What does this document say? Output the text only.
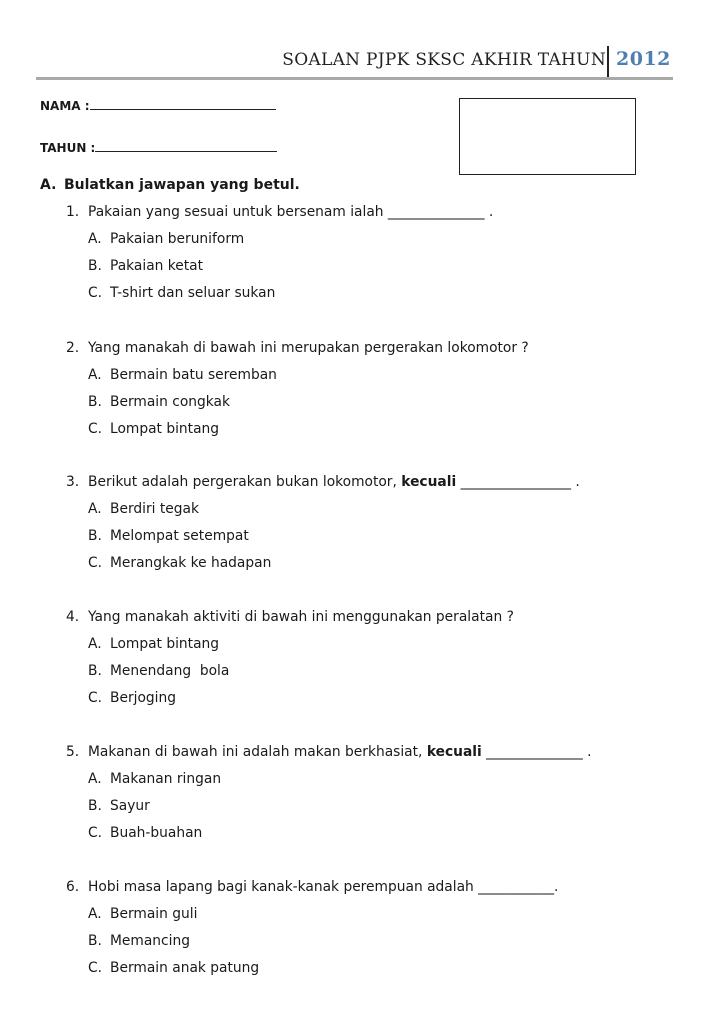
SOALAN PJPK SKSC AKHIR TAHUN 2012
NAMA :
TAHUN :
A. Bulatkan jawapan yang betul.
1. Pakaian yang sesuai untuk bersenam ialah ______________ .
A. Pakaian beruniform
B. Pakaian ketat
C. T-shirt dan seluar sukan
2. Yang manakah di bawah ini merupakan pergerakan lokomotor ?
A. Bermain batu seremban
B. Bermain congkak
C. Lompat bintang
3. Berikut adalah pergerakan bukan lokomotor, kecuali ________________ .
A. Berdiri tegak
B. Melompat setempat
C. Merangkak ke hadapan
4. Yang manakah aktiviti di bawah ini menggunakan peralatan ?
A. Lompat bintang
B. Menendang  bola
C. Berjoging
5. Makanan di bawah ini adalah makan berkhasiat, kecuali ______________ .
A. Makanan ringan
B. Sayur
C. Buah-buahan
6. Hobi masa lapang bagi kanak-kanak perempuan adalah ___________.
A. Bermain guli
B. Memancing
C. Bermain anak patung
